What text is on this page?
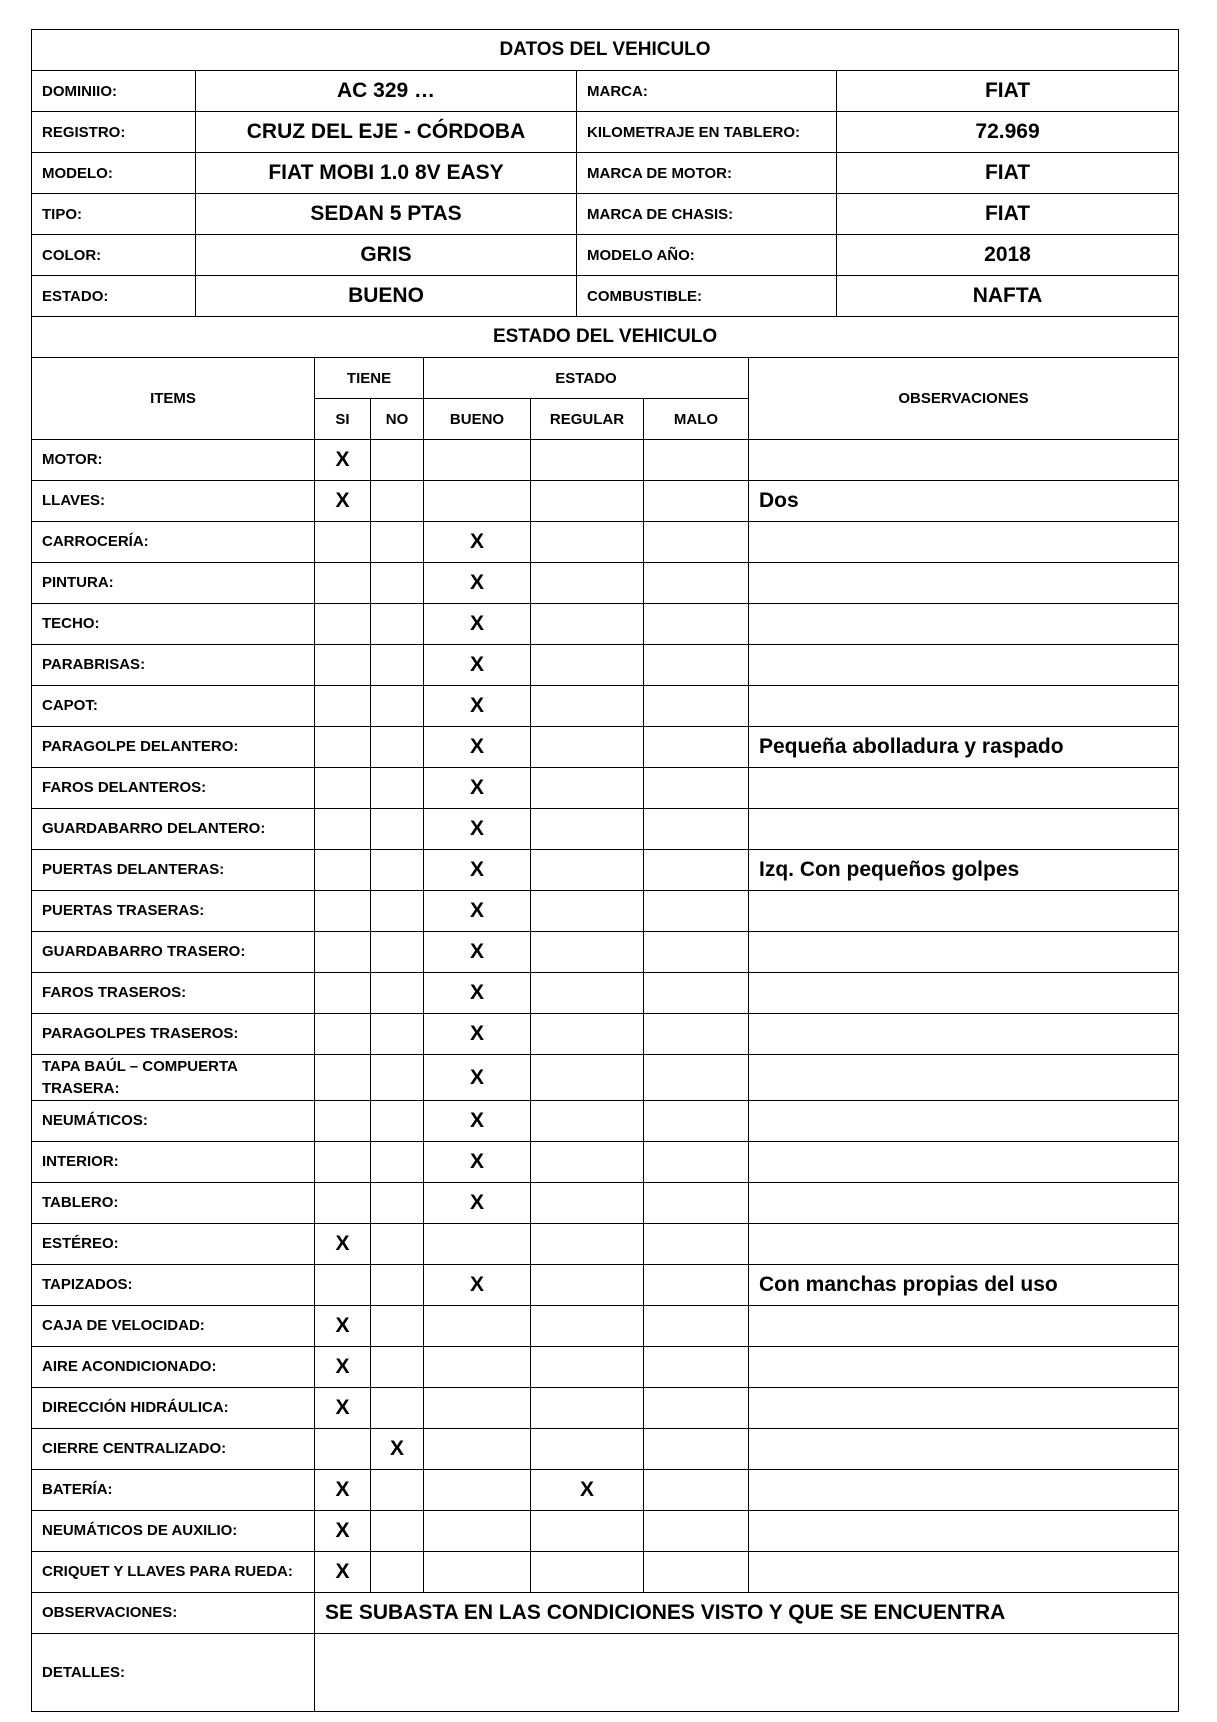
DATOS DEL VEHICULO			
DOMINIIO:	AC 329 …	MARCA:	FIAT
REGISTRO:	CRUZ DEL EJE - CÓRDOBA	KILOMETRAJE EN TABLERO:	72.969
MODELO:	FIAT MOBI 1.0 8V EASY	MARCA DE MOTOR:	FIAT
TIPO:	SEDAN 5 PTAS	MARCA DE CHASIS:	FIAT
COLOR:	GRIS	MODELO AÑO:	2018
ESTADO:	BUENO	COMBUSTIBLE:	NAFTA
ESTADO DEL VEHICULO						
ITEMS	TIENE		ESTADO			OBSERVACIONES
	SI	NO	BUENO	REGULAR	MALO	
MOTOR:	X					
LLAVES:	X					Dos
CARROCERÍA:			X			
PINTURA:			X			
TECHO:			X			
PARABRISAS:			X			
CAPOT:			X			
PARAGOLPE DELANTERO:			X			Pequeña abolladura y raspado
FAROS DELANTEROS:			X			
GUARDABARRO DELANTERO:			X			
PUERTAS DELANTERAS:			X			Izq. Con pequeños golpes
PUERTAS TRASERAS:			X			
GUARDABARRO TRASERO:			X			
FAROS TRASEROS:			X			
PARAGOLPES TRASEROS:			X			
TAPA BAÚL – COMPUERTA TRASERA:			X			
NEUMÁTICOS:			X			
INTERIOR:			X			
TABLERO:			X			
ESTÉREO:	X					
TAPIZADOS:			X			Con manchas propias del uso
CAJA DE VELOCIDAD:	X					
AIRE ACONDICIONADO:	X					
DIRECCIÓN HIDRÁULICA:	X					
CIERRE CENTRALIZADO:		X				
BATERÍA:	X			X		
NEUMÁTICOS DE AUXILIO:	X					
CRIQUET Y LLAVES PARA RUEDA:	X					
OBSERVACIONES:	SE SUBASTA EN LAS CONDICIONES VISTO Y QUE SE ENCUENTRA					
DETALLES:						
